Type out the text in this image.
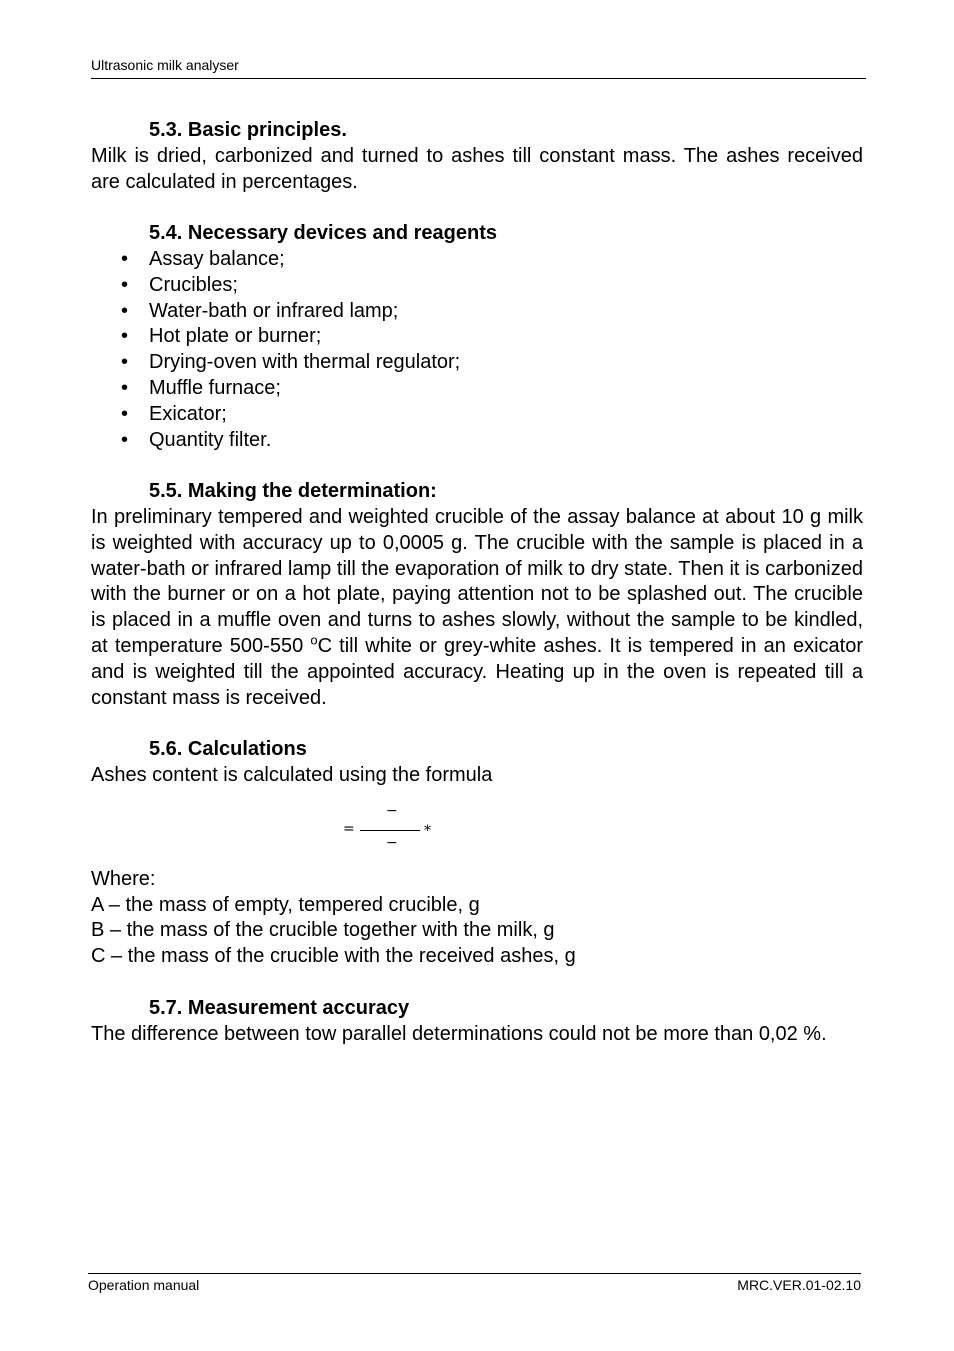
Ultrasonic milk analyser
5.3. Basic principles.
Milk is dried, carbonized and turned to ashes till constant mass. The ashes received are calculated in percentages.
5.4. Necessary devices and reagents
• Assay balance;
• Crucibles;
• Water-bath or infrared lamp;
• Hot plate or burner;
• Drying-oven with thermal regulator;
• Muffle furnace;
• Exicator;
• Quantity filter.
5.5. Making the determination:
In preliminary tempered and weighted crucible of the assay balance at about 10 g milk is weighted with accuracy up to 0,0005 g. The crucible with the sample is placed in a water-bath or infrared lamp till the evaporation of milk to dry state. Then it is carbonized with the burner or on a hot plate, paying attention not to be splashed out. The crucible is placed in a muffle oven and turns to ashes slowly, without the sample to be kindled, at temperature 500-550 $^o$C till white or grey-white ashes. It is tempered in an exicator and is weighted till the appointed accuracy. Heating up in the oven is repeated till a constant mass is received.
5.6. Calculations
Ashes content is calculated using the formula
=
−
−
*
Where:
A – the mass of empty, tempered crucible, g
B – the mass of the crucible together with the milk, g
C – the mass of the crucible with the received ashes, g
5.7. Measurement accuracy
The difference between tow parallel determinations could not be more than 0,02 %.
Operation manual	MRC.VER.01-02.10
